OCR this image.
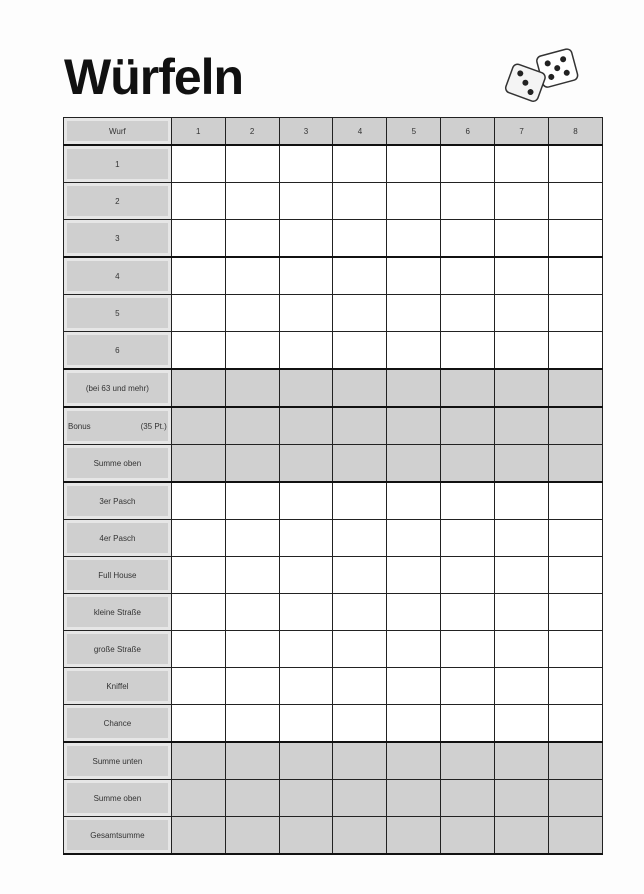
Würfeln
Wurf	1	2	3	4	5	6	7	8
1								
2								
3								
4								
5								
6								
(bei 63 und mehr)								

Bonus (35 Pt.)								

Summe oben								
3er Pasch								
4er Pasch								
Full House								
kleine Straße								
große Straße								
Kniffel								
Chance								
Summe unten								
Summe oben								
Gesamtsumme								
